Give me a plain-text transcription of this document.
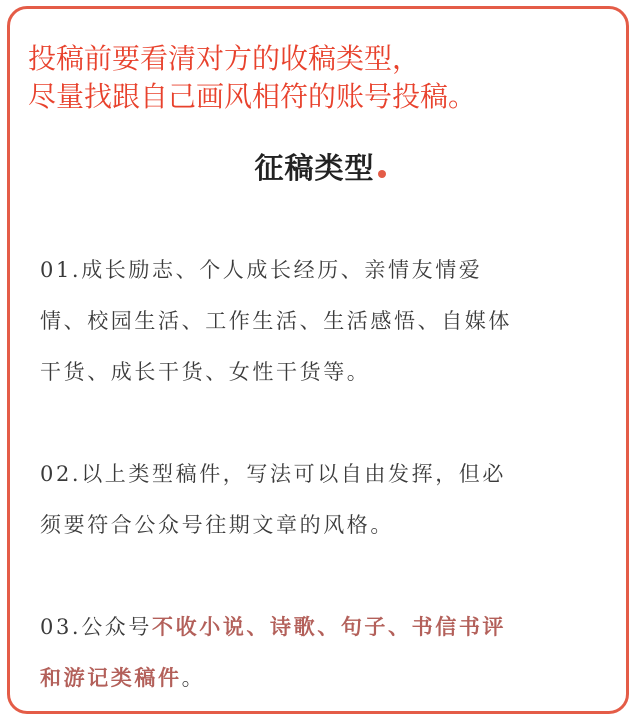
投稿前要看清对方的收稿类型，
尽量找跟自己画风相符的账号投稿。
征稿类型
01.成长励志、个人成长经历、亲情友情爱
情、校园生活、工作生活、生活感悟、自媒体
干货、成长干货、女性干货等。
02.以上类型稿件，写法可以自由发挥，但必
须要符合公众号往期文章的风格。
03.公众号不收小说、诗歌、句子、书信书评
和游记类稿件。
